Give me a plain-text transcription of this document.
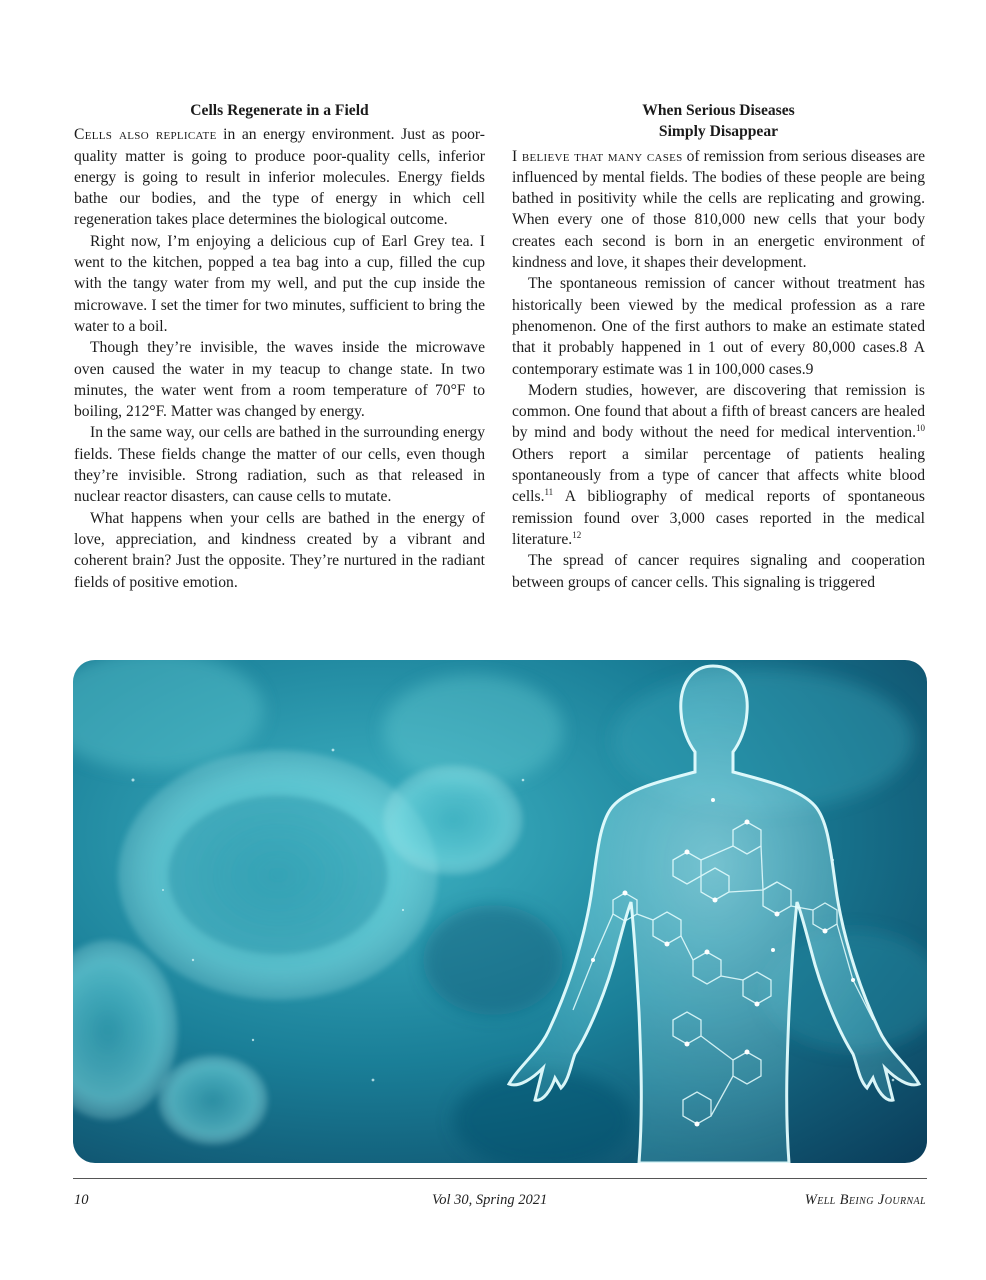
Cells Regenerate in a Field

Cells also replicate in an energy environment. Just as poor-quality matter is going to produce poor-quality cells, inferior energy is going to result in inferior molecules. Energy fields bathe our bodies, and the type of energy in which cell regeneration takes place determines the biological outcome.

Right now, I’m enjoying a delicious cup of Earl Grey tea. I went to the kitchen, popped a tea bag into a cup, filled the cup with the tangy water from my well, and put the cup inside the microwave. I set the timer for two minutes, sufficient to bring the water to a boil.

Though they’re invisible, the waves inside the microwave oven caused the water in my teacup to change state. In two minutes, the water went from a room temperature of 70°F to boiling, 212°F. Matter was changed by energy.

In the same way, our cells are bathed in the surrounding energy fields. These fields change the matter of our cells, even though they’re invisible. Strong radiation, such as that released in nuclear reactor disasters, can cause cells to mutate.

What happens when your cells are bathed in the energy of love, appreciation, and kindness created by a vibrant and coherent brain? Just the opposite. They’re nurtured in the radiant fields of positive emotion.

When Serious Diseases
Simply Disappear

I believe that many cases of remission from serious diseases are influenced by mental fields. The bodies of these people are being bathed in positivity while the cells are replicating and growing. When every one of those 810,000 new cells that your body creates each second is born in an energetic environment of kindness and love, it shapes their development.

The spontaneous remission of cancer without treatment has historically been viewed by the medical profession as a rare phenomenon. One of the first authors to make an estimate stated that it probably happened in 1 out of every 80,000 cases.8 A contemporary estimate was 1 in 100,000 cases.9

Modern studies, however, are discovering that remission is common. One found that about a fifth of breast cancers are healed by mind and body without the need for medical intervention.$^{10}$ Others report a similar percentage of patients healing spontaneously from a type of cancer that affects white blood cells.$^{11}$ A bibliography of medical reports of spontaneous remission found over 3,000 cases reported in the medical literature.$^{12}$

The spread of cancer requires signaling and cooperation between groups of cancer cells. This signaling is triggered

10	Vol 30, Spring 2021	Well Being Journal
